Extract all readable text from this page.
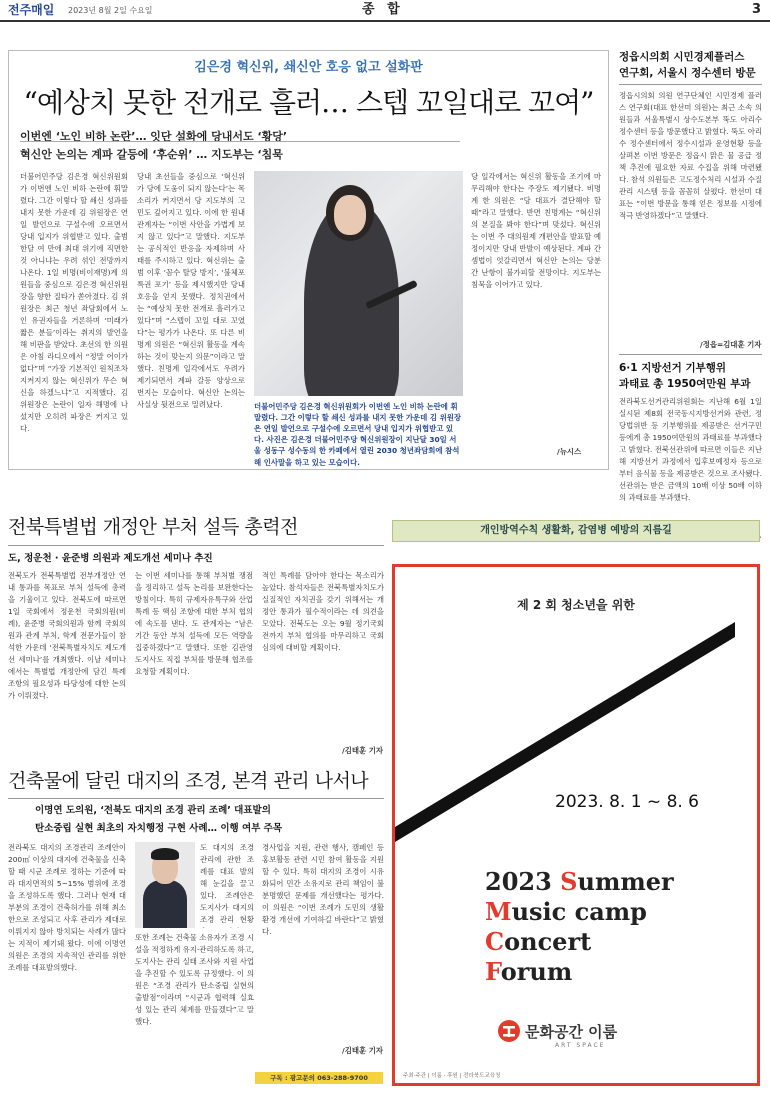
전주매일 2023년 8월 2일 수요일	종 합	3
김은경 혁신위, 쇄신안 호응 없고 설화판
“예상치 못한 전개로 흘러… 스텝 꼬일대로 꼬여”
이번엔 ‘노인 비하 논란’… 잇단 설화에 당내서도 ‘황당’
혁신안 논의는 계파 갈등에 ‘후순위’ … 지도부는 ‘침묵
더불어민주당 김은경 혁신위원회가 이번엔 노인 비하 논란에 휘말렸다. 그간 이렇다 할 쇄신 성과를 내지 못한 가운데 김 위원장은 연일 발언으로 구설수에 오르면서 당내 입지가 위협받고 있다. 출범 한달 여 만에 최대 위기에 직면한 것 아니냐는 우려 섞인 전망까지 나온다. 1일 비명(비이재명)계 의원들을 중심으로 김은경 혁신위원장을 향한 질타가 쏟아졌다. 김 위원장은 최근 청년 좌담회에서 노인 유권자들을 거론하며 ‘미래가 짧은 분들’이라는 취지의 발언을 해 비판을 받았다. 초선의 한 의원은 아침 라디오에서 “정말 어이가 없다”며 “가장 기본적인 원칙조차 지켜지지 않는 혁신위가 무슨 혁신을 하겠느냐”고 지적했다. 김 위원장은 논란이 일자 해명에 나섰지만 오히려 파장은 커지고 있다.
당내 초선들을 중심으로 ‘혁신위가 당에 도움이 되지 않는다’는 목소리가 커지면서 당 지도부의 고민도 깊어지고 있다. 이에 한 원내 관계자는 “이번 사안을 가볍게 보지 않고 있다”고 말했다. 지도부는 공식적인 반응을 자제하며 사태를 주시하고 있다. 혁신위는 출범 이후 ‘꼼수 탈당 방지’, ‘불체포특권 포기’ 등을 제시했지만 당내 호응을 얻지 못했다. 정치권에서는 “예상치 못한 전개로 흘러가고 있다”며 “스텝이 꼬일 대로 꼬였다”는 평가가 나온다. 또 다른 비명계 의원은 “혁신위 활동을 계속하는 것이 맞는지 의문”이라고 말했다. 친명계 일각에서도 우려가 제기되면서 계파 갈등 양상으로 번지는 모습이다. 혁신안 논의는 사실상 뒷전으로 밀려났다.	더불어민주당 김은경 혁신위원회가 이번엔 노인 비하 논란에 휘말렸다. 그간 이렇다 할 쇄신 성과를 내지 못한 가운데 김 위원장은 연일 발언으로 구설수에 오르면서 당내 입지가 위협받고 있다. 사진은 김은경 더불어민주당 혁신위원장이 지난달 30일 서울 성동구 성수동의 한 카페에서 열린 2030 청년좌담회에 참석해 인사말을 하고 있는 모습이다.
당 일각에서는 혁신위 활동을 조기에 마무리해야 한다는 주장도 제기됐다. 비명계 한 의원은 “당 대표가 결단해야 할 때”라고 말했다. 반면 친명계는 “혁신위의 본질을 봐야 한다”며 맞섰다. 혁신위는 이번 주 대의원제 개편안을 발표할 예정이지만 당내 반발이 예상된다. 계파 간 셈법이 엇갈리면서 혁신안 논의는 당분간 난항이 불가피할 전망이다. 지도부는 침묵을 이어가고 있다.
/뉴시스
정읍시의회 시민경제플러스
연구회, 서울시 정수센터 방문
정읍시의회 의원 연구단체인 시민경제 플러스 연구회(대표 한선미 의원)는 최근 소속 의원들과 서울특별시 상수도본부 뚝도 아리수 정수센터 등을 방문했다고 밝혔다. 뚝도 아리수 정수센터에서 정수시설과 운영현황 등을 살펴본 이번 방문은 정읍시 맑은 물 공급 정책 추진에 필요한 자료 수집을 위해 마련됐다. 참석 의원들은 고도정수처리 시설과 수질관리 시스템 등을 꼼꼼히 살폈다. 한선미 대표는 “이번 방문을 통해 얻은 정보를 시정에 적극 반영하겠다”고 말했다.
/정읍=김대훈 기자
6·1 지방선거 기부행위
과태료 총 1950여만원 부과
전라북도선거관리위원회는 지난해 6월 1일 실시된 제8회 전국동시지방선거와 관련, 정당법위반 등 기부행위를 제공받은 선거구민 등에게 총 1950여만원의 과태료를 부과했다고 밝혔다. 전북선관위에 따르면 이들은 지난해 지방선거 과정에서 입후보예정자 등으로부터 음식물 등을 제공받은 것으로 조사됐다. 선관위는 받은 금액의 10배 이상 50배 이하의 과태료를 부과했다.
전북특별법 개정안 부처 설득 총력전
도, 정운천 · 윤준병 의원과 제도개선 세미나 추진
전북도가 전북특별법 전부개정안 연내 통과를 목표로 부처 설득에 총력을 기울이고 있다. 전북도에 따르면 1일 국회에서 정운천 국회의원(비례), 윤준병 국회의원과 함께 국회의원과 관계 부처, 학계 전문가들이 참석한 가운데 ‘전북특별자치도 제도개선 세미나’를 개최했다. 이날 세미나에서는 특별법 개정안에 담긴 특례 조항의 필요성과 타당성에 대한 논의가 이뤄졌다.
는 이번 세미나를 통해 부처별 쟁점을 정리하고 설득 논리를 보완한다는 방침이다. 특히 규제자유특구와 산업 특례 등 핵심 조항에 대한 부처 협의에 속도를 낸다. 도 관계자는 “남은 기간 동안 부처 설득에 모든 역량을 집중하겠다”고 말했다. 또한 김관영 도지사도 직접 부처를 방문해 협조를 요청할 계획이다.
적인 특례를 담아야 한다는 목소리가 높았다. 참석자들은 전북특별자치도가 실질적인 자치권을 갖기 위해서는 개정안 통과가 필수적이라는 데 의견을 모았다. 전북도는 오는 9월 정기국회 전까지 부처 협의를 마무리하고 국회 심의에 대비할 계획이다.
/김태훈 기자
건축물에 달린 대지의 조경, 본격 관리 나서나
이명연 도의원, ‘전북도 대지의 조경 관리 조례’ 대표발의
탄소중립 실현 최초의 자치행정 구현 사례… 이행 여부 주목
전라북도 대지의 조경관리 조례안이 200㎡ 이상의 대지에 건축물을 신축할 때 시군 조례로 정하는 기준에 따라 대지면적의 5~15% 범위에 조경을 조성하도록 했다. 그러나 현재 대부분의 조경이 건축허가를 위해 최소한으로 조성되고 사후 관리가 제대로 이뤄지지 않아 방치되는 사례가 많다는 지적이 제기돼 왔다. 이에 이명연 의원은 조경의 지속적인 관리를 위한 조례를 대표발의했다.
도 대지의 조경관리에 관한 조례를 대표 발의해 눈길을 끌고 있다. 조례안은 도지사가 대지의 조경 관리 현황
또한 조례는 건축물 소유자가 조경 시설을 적정하게 유지·관리하도록 하고, 도지사는 관리 실태 조사와 지원 사업을 추진할 수 있도록 규정했다. 이 의원은 “조경 관리가 탄소중립 실현의 출발점”이라며 “시군과 협력해 실효성 있는 관리 체계를 만들겠다”고 말했다.
경사업을 지원, 관련 행사, 캠페인 등 홍보활동 관련 시민 참여 활동을 지원할 수 있다. 특히 대지의 조경이 시유화되어 민간 소유지로 관리 책임이 불분명했던 문제를 개선했다는 평가다. 이 의원은 “이번 조례가 도민의 생활환경 개선에 기여하길 바란다”고 밝혔다.
/김태훈 기자
구독 : 광고문의 063-288-9700
개인방역수칙 생활화, 감염병 예방의 지름길
제 2 회 청소년을 위한
2023. 8. 1 ~ 8. 6
2023 Summer
Music camp
Concert
Forum
문화공간 이룸
ART SPACE
주최·주관 | 이룸 · 후원 | 전라북도교육청
